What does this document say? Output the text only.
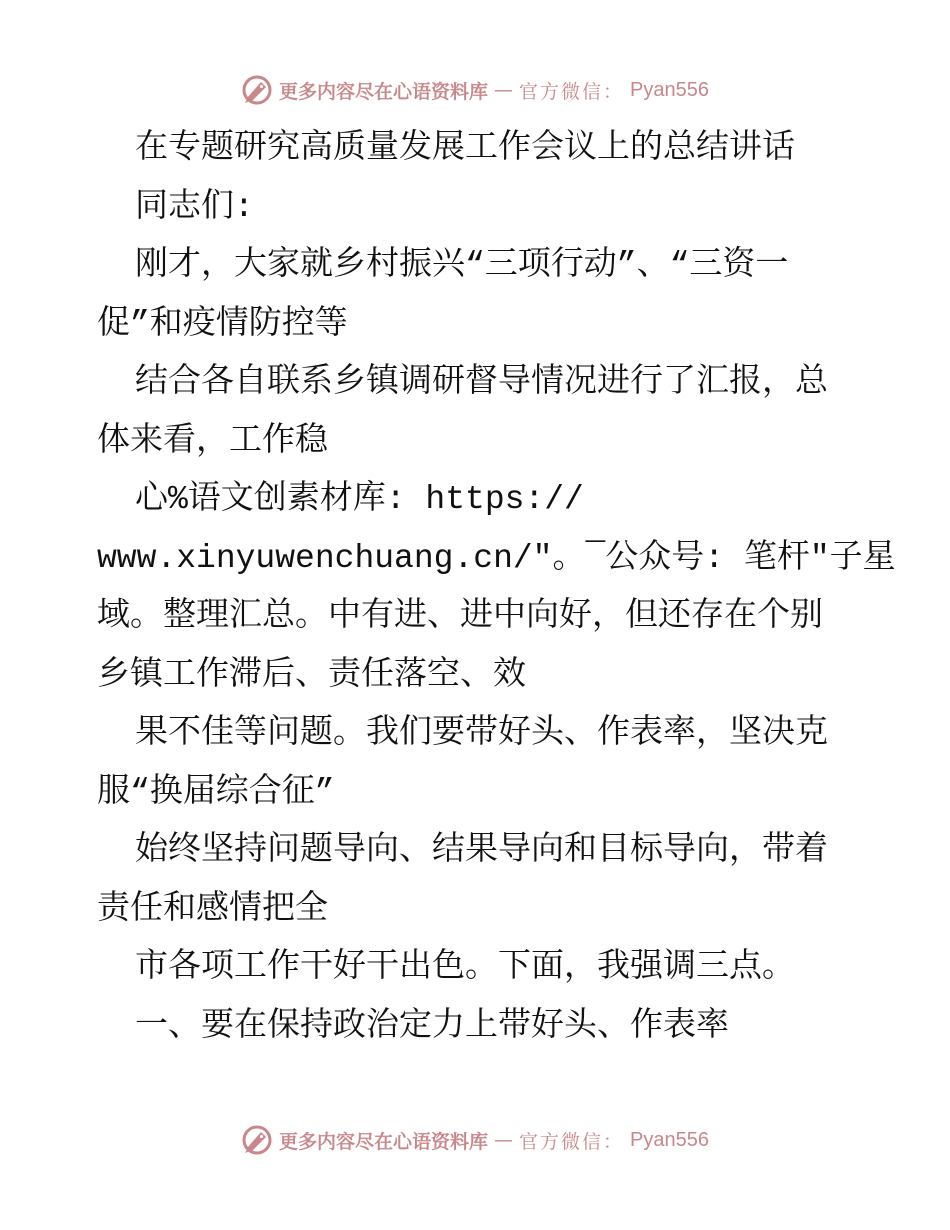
更多内容尽在心语资料库 — 官方微信： Pyan556
在专题研究高质量发展工作会议上的总结讲话
同志们:
刚才，大家就乡村振兴“三项行动”、“三资一
促”和疫情防控等
结合各自联系乡镇调研督导情况进行了汇报，总
体来看，工作稳
心%语文创素材库: https://
www.xinyuwenchuang.cn/"。¯公众号: 笔杆"子星
域。整理汇总。中有进、进中向好，但还存在个别
乡镇工作滞后、责任落空、效
果不佳等问题。我们要带好头、作表率，坚决克
服“换届综合征”
始终坚持问题导向、结果导向和目标导向，带着
责任和感情把全
市各项工作干好干出色。下面，我强调三点。
一、要在保持政治定力上带好头、作表率
更多内容尽在心语资料库 — 官方微信： Pyan556
